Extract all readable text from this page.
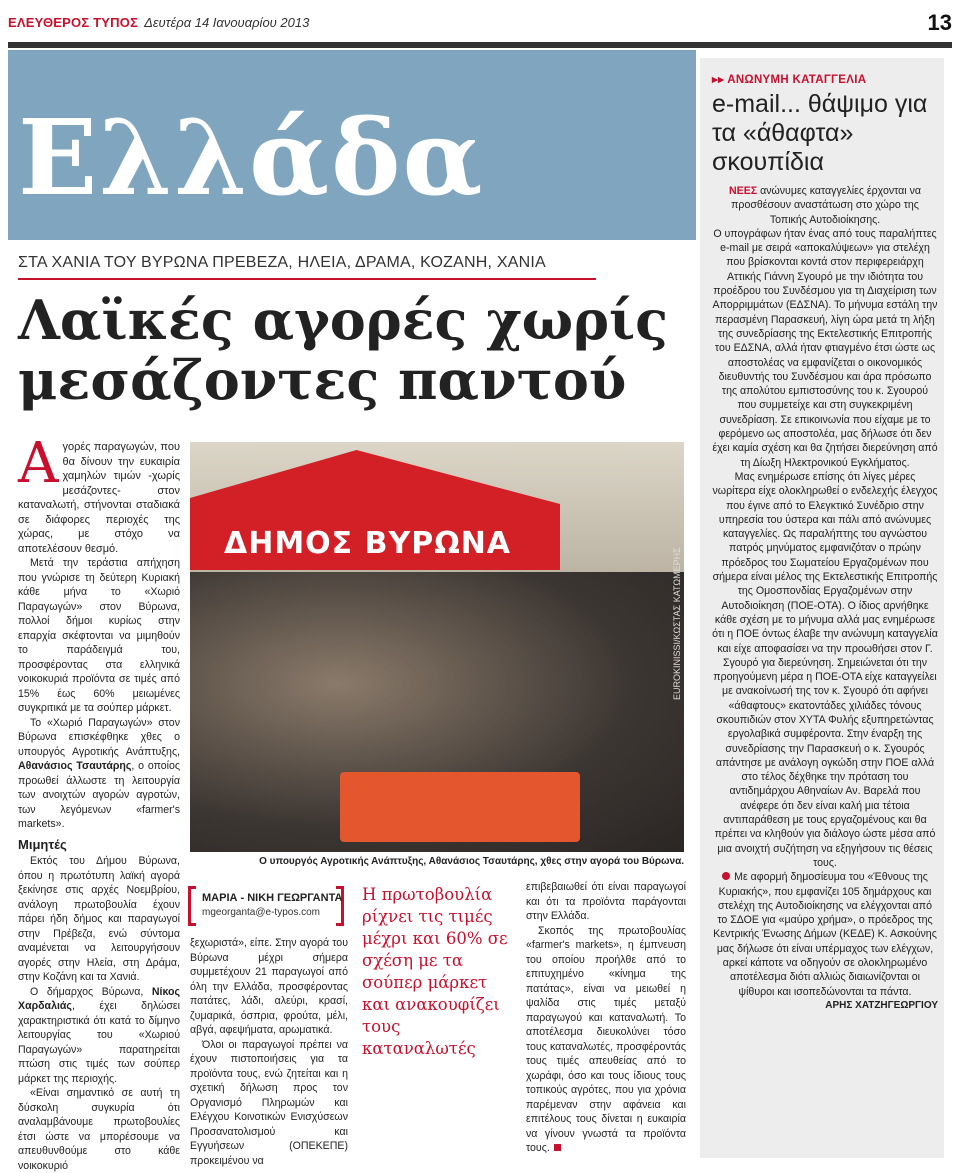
ΕΛΕΥΘΕΡΟΣ ΤΥΠΟΣ Δευτέρα 14 Ιανουαρίου 2013	13
Ελλάδα
ΣΤΑ ΧΑΝΙΑ ΤΟΥ ΒΥΡΩΝΑ ΠΡΕΒΕΖΑ, ΗΛΕΙΑ, ΔΡΑΜΑ, ΚΟΖΑΝΗ, ΧΑΝΙΑ
Λαϊκές αγορές χωρίς μεσάζοντες παντού

Αγορές παραγωγών, που θα δίνουν την ευκαιρία χαμηλών τιμών -χωρίς μεσάζοντες- στον καταναλωτή, στήνονται σταδιακά σε διάφορες περιοχές της χώρας, με στόχο να αποτελέσουν θεσμό.

Μετά την τεράστια απήχηση που γνώρισε τη δεύτερη Κυριακή κάθε μήνα το «Χωριό Παραγωγών» στον Βύρωνα, πολλοί δήμοι κυρίως στην επαρχία σκέφτονται να μιμηθούν το παράδειγμά του, προσφέροντας στα ελληνικά νοικοκυριά προϊόντα σε τιμές από 15% έως 60% μειωμένες συγκριτικά με τα σούπερ μάρκετ.

Το «Χωριό Παραγωγών» στον Βύρωνα επισκέφθηκε χθες ο υπουργός Αγροτικής Ανάπτυξης, Αθανάσιος Τσαυτάρης, ο οποίος προωθεί άλλωστε τη λειτουργία των ανοιχτών αγορών αγροτών, των λεγόμενων «farmer's markets».

Μιμητές

Εκτός του Δήμου Βύρωνα, όπου η πρωτότυπη λαϊκή αγορά ξεκίνησε στις αρχές Νοεμβρίου, ανάλογη πρωτοβουλία έχουν πάρει ήδη δήμος και παραγωγοί στην Πρέβεζα, ενώ σύντομα αναμένεται να λειτουργήσουν αγορές στην Ηλεία, στη Δράμα, στην Κοζάνη και τα Χανιά.

Ο δήμαρχος Βύρωνα, Νίκος Χαρδαλιάς, έχει δηλώσει χαρακτηριστικά ότι κατά το δίμηνο λειτουργίας του «Χωριού Παραγωγών» παρατηρείται πτώση στις τιμές των σούπερ μάρκετ της περιοχής.

«Είναι σημαντικό σε αυτή τη δύσκολη συγκυρία ότι αναλαμβάνουμε πρωτοβουλίες έτσι ώστε να μπορέσουμε να απευθυνθούμε στο κάθε νοικοκυριό

ΔΗΜΟΣ ΒΥΡΩΝΑ
EUROKINISSI/ΚΩΣΤΑΣ ΚΑΤΩΜΕΡΗΣ
Ο υπουργός Αγροτικής Ανάπτυξης, Αθανάσιος Τσαυτάρης, χθες στην αγορά του Βύρωνα.
ΜΑΡΙΑ - ΝΙΚΗ ΓΕΩΡΓΑΝΤΑ
mgeorganta@e-typos.com

ξεχωριστά», είπε. Στην αγορά του Βύρωνα μέχρι σήμερα συμμετέχουν 21 παραγωγοί από όλη την Ελλάδα, προσφέροντας πατάτες, λάδι, αλεύρι, κρασί, ζυμαρικά, όσπρια, φρούτα, μέλι, αβγά, αφεψήματα, αρωματικά.

Όλοι οι παραγωγοί πρέπει να έχουν πιστοποιήσεις για τα προϊόντα τους, ενώ ζητείται και η σχετική δήλωση προς τον Οργανισμό Πληρωμών και Ελέγχου Κοινοτικών Ενισχύσεων Προσανατολισμού και Εγγυήσεων (ΟΠΕΚΕΠΕ) προκειμένου να

Η πρωτοβουλία ρίχνει τις τιμές μέχρι και 60% σε σχέση με τα σούπερ μάρκετ και ανακουφίζει τους καταναλωτές

επιβεβαιωθεί ότι είναι παραγωγοί και ότι τα προϊόντα παράγονται στην Ελλάδα.

Σκοπός της πρωτοβουλίας «farmer's markets», η έμπνευση του οποίου προήλθε από το επιτυχημένο «κίνημα της πατάτας», είναι να μειωθεί η ψαλίδα στις τιμές μεταξύ παραγωγού και καταναλωτή. Το αποτέλεσμα διευκολύνει τόσο τους καταναλωτές, προσφέροντάς τους τιμές απευθείας από το χωράφι, όσο και τους ίδιους τους τοπικούς αγρότες, που για χρόνια παρέμεναν στην αφάνεια και επιτέλους τους δίνεται η ευκαιρία να γίνουν γνωστά τα προϊόντα τους.

▸▸ ΑΝΩΝΥΜΗ ΚΑΤΑΓΓΕΛΙΑ
e-mail... θάψιμο για τα «άθαφτα» σκουπίδια

ΝΕΕΣ ανώνυμες καταγγελίες έρχονται να προσθέσουν αναστάτωση στο χώρο της Τοπικής Αυτοδιοίκησης.

Ο υπογράφων ήταν ένας από τους παραλήπτες e-mail με σειρά «αποκαλύψεων» για στελέχη που βρίσκονται κοντά στον περιφερειάρχη Αττικής Γιάννη Σγουρό με την ιδιότητα του προέδρου του Συνδέσμου για τη Διαχείριση των Απορριμμάτων (ΕΔΣΝΑ). Το μήνυμα εστάλη την περασμένη Παρασκευή, λίγη ώρα μετά τη λήξη της συνεδρίασης της Εκτελεστικής Επιτροπής του ΕΔΣΝΑ, αλλά ήταν φτιαγμένο έτσι ώστε ως αποστολέας να εμφανίζεται ο οικονομικός διευθυντής του Συνδέσμου και άρα πρόσωπο της απολύτου εμπιστοσύνης του κ. Σγουρού που συμμετείχε και στη συγκεκριμένη συνεδρίαση. Σε επικοινωνία που είχαμε με το φερόμενο ως αποστολέα, μας δήλωσε ότι δεν έχει καμία σχέση και θα ζητήσει διερεύνηση από τη Δίωξη Ηλεκτρονικού Εγκλήματος.

Μας ενημέρωσε επίσης ότι λίγες μέρες νωρίτερα είχε ολοκληρωθεί ο ενδελεχής έλεγχος που έγινε από το Ελεγκτικό Συνέδριο στην υπηρεσία του ύστερα και πάλι από ανώνυμες καταγγελίες. Ως παραλήπτης του αγνώστου πατρός μηνύματος εμφανιζόταν ο πρώην πρόεδρος του Σωματείου Εργαζομένων που σήμερα είναι μέλος της Εκτελεστικής Επιτροπής της Ομοσπονδίας Εργαζομένων στην Αυτοδιοίκηση (ΠΟΕ-ΟΤΑ). Ο ίδιος αρνήθηκε κάθε σχέση με το μήνυμα αλλά μας ενημέρωσε ότι η ΠΟΕ όντως έλαβε την ανώνυμη καταγγελία και είχε αποφασίσει να την προωθήσει στον Γ. Σγουρό για διερεύνηση. Σημειώνεται ότι την προηγούμενη μέρα η ΠΟΕ-ΟΤΑ είχε καταγγείλει με ανακοίνωσή της τον κ. Σγουρό ότι αφήνει «άθαφτους» εκατοντάδες χιλιάδες τόνους σκουπιδιών στον ΧΥΤΑ Φυλής εξυπηρετώντας εργολαβικά συμφέροντα. Στην έναρξη της συνεδρίασης την Παρασκευή ο κ. Σγουρός απάντησε με ανάλογη ογκώδη στην ΠΟΕ αλλά στο τέλος δέχθηκε την πρόταση του αντιδημάρχου Αθηναίων Αν. Βαρελά που ανέφερε ότι δεν είναι καλή μια τέτοια αντιπαράθεση με τους εργαζομένους και θα πρέπει να κληθούν για διάλογο ώστε μέσα από μια ανοιχτή συζήτηση να εξηγήσουν τις θέσεις τους.

Με αφορμή δημοσίευμα του «Έθνους της Κυριακής», που εμφανίζει 105 δημάρχους και στελέχη της Αυτοδιοίκησης να ελέγχονται από το ΣΔΟΕ για «μαύρο χρήμα», ο πρόεδρος της Κεντρικής Ένωσης Δήμων (ΚΕΔΕ) Κ. Ασκούνης μας δήλωσε ότι είναι υπέρμαχος των ελέγχων, αρκεί κάποτε να οδηγούν σε ολοκληρωμένο αποτέλεσμα διότι αλλιώς διαιωνίζονται οι ψίθυροι και ισοπεδώνονται τα πάντα.

ΑΡΗΣ ΧΑΤΖΗΓΕΩΡΓΙΟΥ
